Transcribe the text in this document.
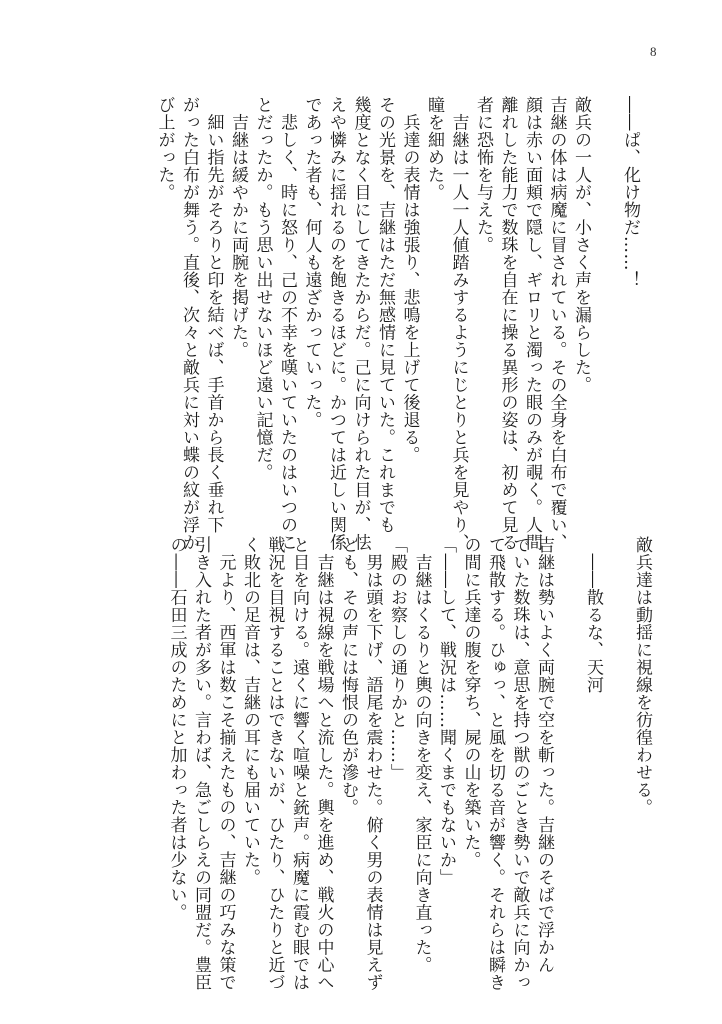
8
――ぱ、化け物だ……！

敵兵の一人が、小さく声を漏らした。
吉継の体は病魔に冒されている。その全身を白布で覆い、
顔は赤い面頬で隠し、ギロリと濁った眼のみが覗く。人間
離れした能力で数珠を自在に操る異形の姿は、初めて見る
者に恐怖を与えた。
　吉継は一人一人値踏みするようにじとりと兵を見やり、
瞳を細めた。
　兵達の表情は強張り、悲鳴を上げて後退る。
その光景を、吉継はただ無感情に見ていた。これまでも
幾度となく目にしてきたからだ。己に向けられた目が、怯
えや憐みに揺れるのを飽きるほどに。かつては近しい関係
であった者も、何人も遠ざかっていった。
　悲しく、時に怒り、己の不幸を嘆いていたのはいつのこ
とだったか。もう思い出せないほど遠い記憶だ。
　吉継は緩やかに両腕を掲げた。
　細い指先がそろりと印を結べば、手首から長く垂れ下
がった白布が舞う。直後、次々と敵兵に対い蝶の紋が浮か
び上がった。
敵兵達は動揺に視線を彷徨わせる。

　――散るな、天河

吉継は勢いよく両腕で空を斬った。吉継のそばで浮かん
でいた数珠は、意思を持つ獣のごとき勢いで敵兵に向かっ
て飛散する。ひゅっ、と風を切る音が響く。それらは瞬き
の間に兵達の腹を穿ち、屍の山を築いた。
「――して、戦況は……聞くまでもないか」
　吉継はくるりと輿の向きを変え、家臣に向き直った。
「殿のお察しの通りかと……」
　男は頭を下げ、語尾を震わせた。俯く男の表情は見えず
とも、その声には悔恨の色が滲む。
　吉継は視線を戦場へと流した。輿を進め、戦火の中心へ
と目を向ける。遠くに響く喧噪と銃声。病魔に霞む眼では
戦況を目視することはできないが、ひたり、ひたりと近づ
く敗北の足音は、吉継の耳にも届いていた。
　元より、西軍は数こそ揃えたものの、吉継の巧みな策で
引き入れた者が多い。言わば、急ごしらえの同盟だ。豊臣
の――石田三成のためにと加わった者は少ない。
